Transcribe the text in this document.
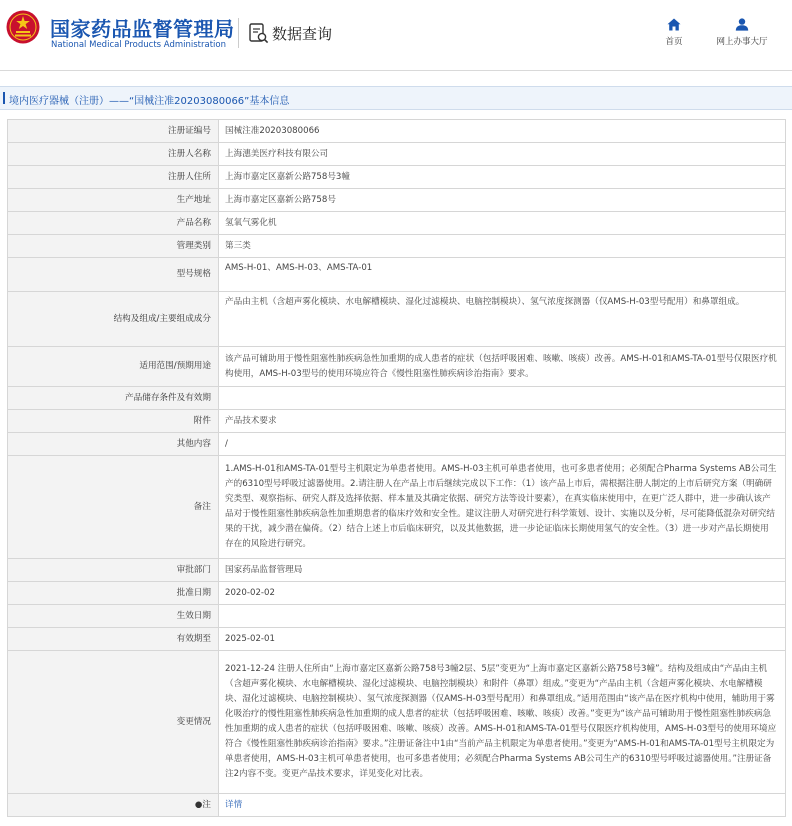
国家药品监督管理局
National Medical Products Administration
数据查询	首页	网上办事大厅
境内医疗器械（注册）——“国械注准20203080066”基本信息
注册证编号	国械注准20203080066
注册人名称	上海潓美医疗科技有限公司
注册人住所	上海市嘉定区嘉新公路758号3幢
生产地址	上海市嘉定区嘉新公路758号
产品名称	氢氧气雾化机
管理类别	第三类
型号规格	AMS-H-01、AMS-H-03、AMS-TA-01
结构及组成/主要组成成分	产品由主机（含超声雾化模块、水电解槽模块、湿化过滤模块、电脑控制模块）、氢气浓度探测器（仅AMS-H-03型号配用）和鼻罩组成。
适用范围/预期用途	该产品可辅助用于慢性阻塞性肺疾病急性加重期的成人患者的症状（包括呼吸困难、咳嗽、咳痰）改善。AMS-H-01和AMS-TA-01型号仅限医疗机构使用，AMS-H-03型号的使用环境应符合《慢性阻塞性肺疾病诊治指南》要求。
产品储存条件及有效期	
附件	产品技术要求
其他内容	/
备注	1.AMS-H-01和AMS-TA-01型号主机限定为单患者使用。AMS-H-03主机可单患者使用，也可多患者使用；必须配合Pharma Systems AB公司生产的6310型号呼吸过滤器使用。2.请注册人在产品上市后继续完成以下工作：（1）该产品上市后，需根据注册人制定的上市后研究方案（明确研究类型、观察指标、研究人群及选择依据、样本量及其确定依据、研究方法等设计要素），在真实临床使用中，在更广泛人群中，进一步确认该产品对于慢性阻塞性肺疾病急性加重期患者的临床疗效和安全性。建议注册人对研究进行科学策划、设计、实施以及分析，尽可能降低混杂对研究结果的干扰，减少潜在偏倚。（2）结合上述上市后临床研究，以及其他数据，进一步论证临床长期使用氢气的安全性。（3）进一步对产品长期使用存在的风险进行研究。
审批部门	国家药品监督管理局
批准日期	2020-02-02
生效日期	
有效期至	2025-02-01
变更情况	2021-12-24 注册人住所由“上海市嘉定区嘉新公路758号3幢2层、5层”变更为“上海市嘉定区嘉新公路758号3幢”。结构及组成由“产品由主机（含超声雾化模块、水电解槽模块、湿化过滤模块、电脑控制模块）和附件（鼻罩）组成。”变更为“产品由主机（含超声雾化模块、水电解槽模块、湿化过滤模块、电脑控制模块）、氢气浓度探测器（仅AMS-H-03型号配用）和鼻罩组成。”适用范围由“该产品在医疗机构中使用，辅助用于雾化吸治疗的慢性阻塞性肺疾病急性加重期的成人患者的症状（包括呼吸困难、咳嗽、咳痰）改善。”变更为“该产品可辅助用于慢性阻塞性肺疾病急性加重期的成人患者的症状（包括呼吸困难、咳嗽、咳痰）改善。AMS-H-01和AMS-TA-01型号仅限医疗机构使用，AMS-H-03型号的使用环境应符合《慢性阻塞性肺疾病诊治指南》要求。”注册证备注中1由“当前产品主机限定为单患者使用。”变更为“AMS-H-01和AMS-TA-01型号主机限定为单患者使用，AMS-H-03主机可单患者使用，也可多患者使用；必须配合Pharma Systems AB公司生产的6310型号呼吸过滤器使用。”注册证备注2内容不变。变更产品技术要求，详见变化对比表。
●注	详情
